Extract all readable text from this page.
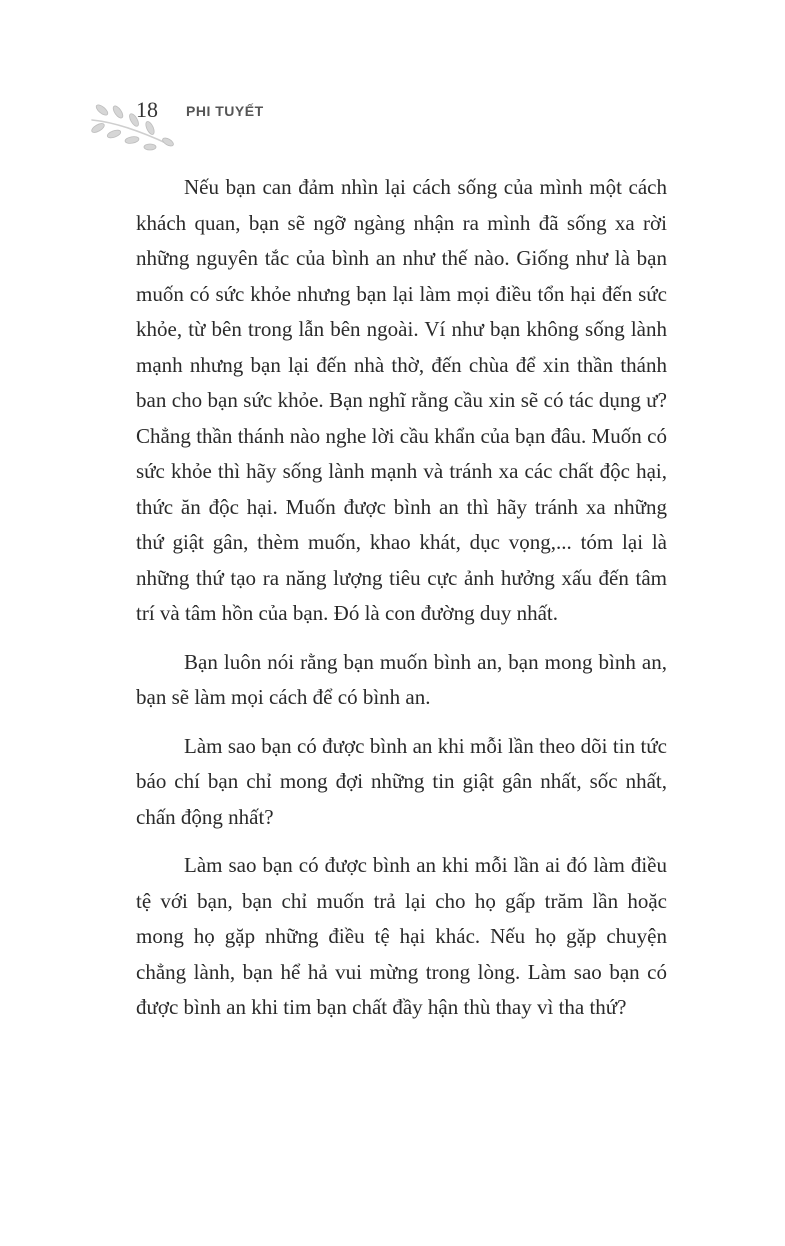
18 PHI TUYẾT

Nếu bạn can đảm nhìn lại cách sống của mình một cách khách quan, bạn sẽ ngỡ ngàng nhận ra mình đã sống xa rời những nguyên tắc của bình an như thế nào. Giống như là bạn muốn có sức khỏe nhưng bạn lại làm mọi điều tổn hại đến sức khỏe, từ bên trong lẫn bên ngoài. Ví như bạn không sống lành mạnh nhưng bạn lại đến nhà thờ, đến chùa để xin thần thánh ban cho bạn sức khỏe. Bạn nghĩ rằng cầu xin sẽ có tác dụng ư? Chẳng thần thánh nào nghe lời cầu khẩn của bạn đâu. Muốn có sức khỏe thì hãy sống lành mạnh và tránh xa các chất độc hại, thức ăn độc hại. Muốn được bình an thì hãy tránh xa những thứ giật gân, thèm muốn, khao khát, dục vọng,... tóm lại là những thứ tạo ra năng lượng tiêu cực ảnh hưởng xấu đến tâm trí và tâm hồn của bạn. Đó là con đường duy nhất.

Bạn luôn nói rằng bạn muốn bình an, bạn mong bình an, bạn sẽ làm mọi cách để có bình an.

Làm sao bạn có được bình an khi mỗi lần theo dõi tin tức báo chí bạn chỉ mong đợi những tin giật gân nhất, sốc nhất, chấn động nhất?

Làm sao bạn có được bình an khi mỗi lần ai đó làm điều tệ với bạn, bạn chỉ muốn trả lại cho họ gấp trăm lần hoặc mong họ gặp những điều tệ hại khác. Nếu họ gặp chuyện chẳng lành, bạn hể hả vui mừng trong lòng. Làm sao bạn có được bình an khi tim bạn chất đầy hận thù thay vì tha thứ?
